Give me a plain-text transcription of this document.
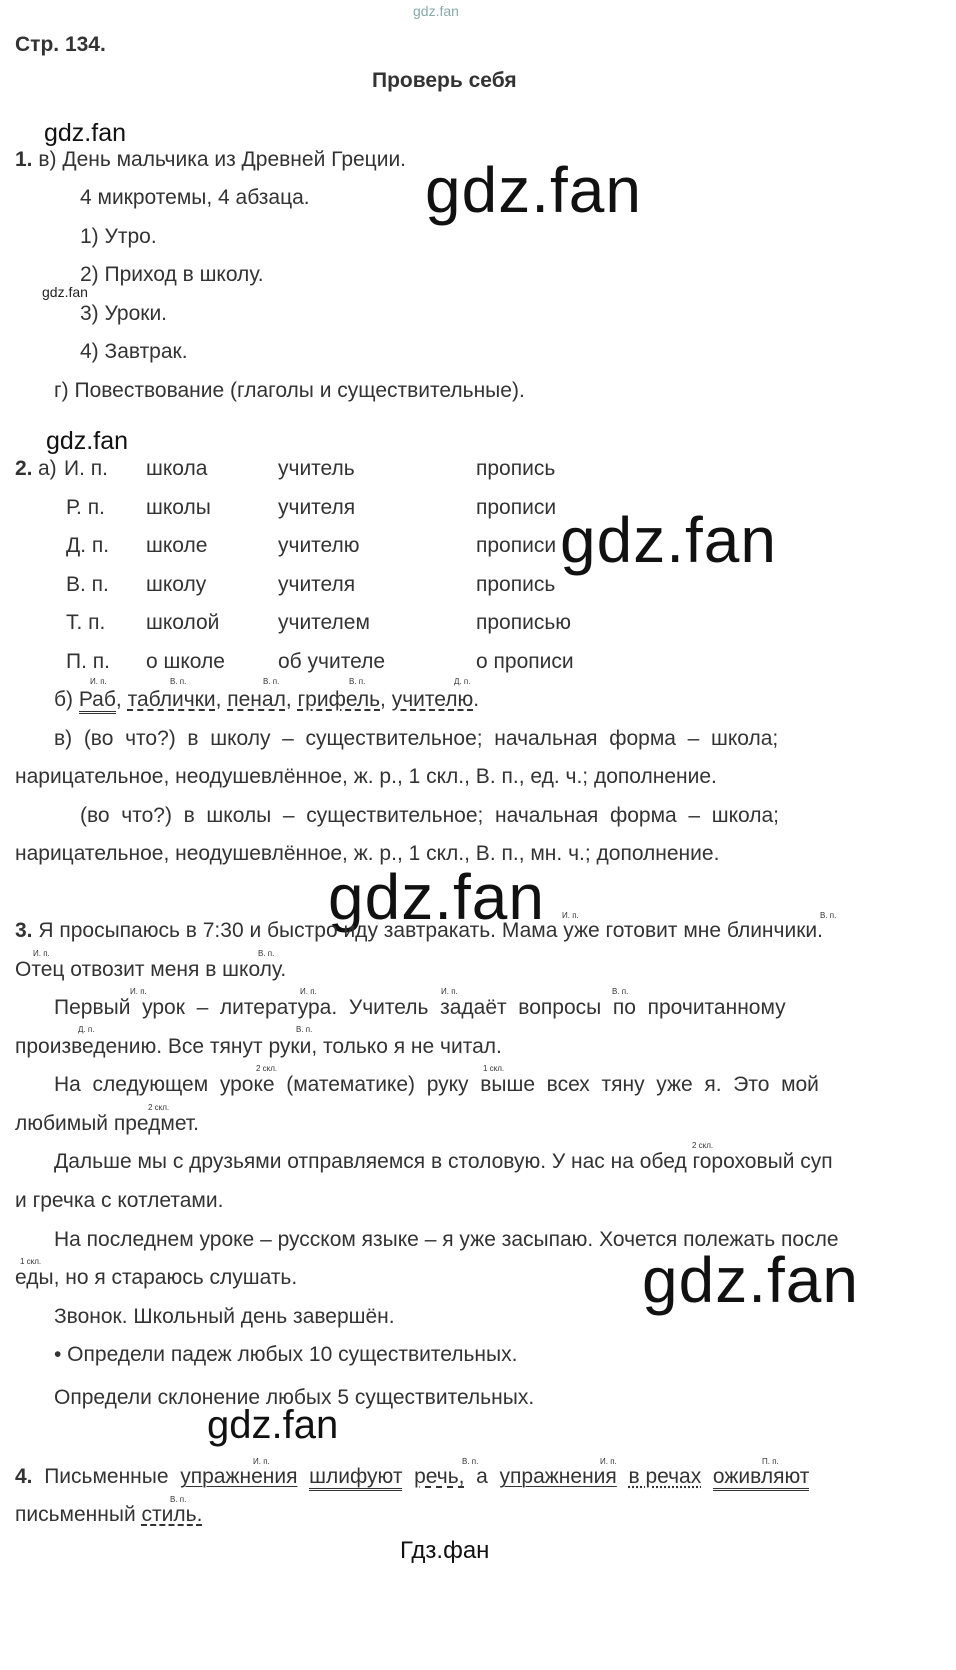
gdz.fan
Стр. 134.
Проверь себя
gdz.fan
gdz.fan
gdz.fan
gdz.fan
gdz.fan
gdz.fan
gdz.fan
gdz.fan
Гдз.фан
1. в) День мальчика из Древней Греции.
4 микротемы, 4 абзаца.
1) Утро.
2) Приход в школу.
3) Уроки.
4) Завтрак.
г) Повествование (глаголы и существительные).
2. а) И. п. школа	учитель	пропись
Р. п. школы	учителя	прописи
Д. п. школе	учителю	прописи
В. п. школу	учителя	пропись
Т. п. школой	учителем	прописью
П. п. о школе	об учителе	о прописи
И. п.	В. п.	В. п.	В. п.	Д. п.
б) Раб, таблички, пенал, грифель, учителю.
в)  (во  что?)  в  школу  –  существительное;  начальная  форма  –  школа;
нарицательное, неодушевлённое, ж. р., 1 скл., В. п., ед. ч.; дополнение.
(во  что?)  в  школы  –  существительное;  начальная  форма  –  школа;
нарицательное, неодушевлённое, ж. р., 1 скл., В. п., мн. ч.; дополнение.
И. п.	В. п.
И. п.	В. п.
И. п.	И. п.	И. п.	В. п.
Д. п.	В. п.
2 скл.	1 скл.
2 скл.
2 скл.
1 скл.
3. Я просыпаюсь в 7:30 и быстро иду завтракать. Мама уже готовит мне блинчики.
Отец отвозит меня в школу.
Первый  урок  –  литература.  Учитель  задаёт  вопросы  по  прочитанному
произведению. Все тянут руки, только я не читал.
На  следующем  уроке  (математике)  руку  выше  всех  тяну  уже  я.  Это  мой
любимый предмет.
Дальше мы с друзьями отправляемся в столовую. У нас на обед гороховый суп
и гречка с котлетами.
На последнем уроке – русском языке – я уже засыпаю. Хочется полежать после
еды, но я стараюсь слушать.
Звонок. Школьный день завершён.
• Определи падеж любых 10 существительных.
Определи склонение любых 5 существительных.
И. п.	В. п.	И. п.	П. п.
4. Письменные упражнения шлифуют речь, а упражнения в речах оживляют
В. п.
письменный стиль.
